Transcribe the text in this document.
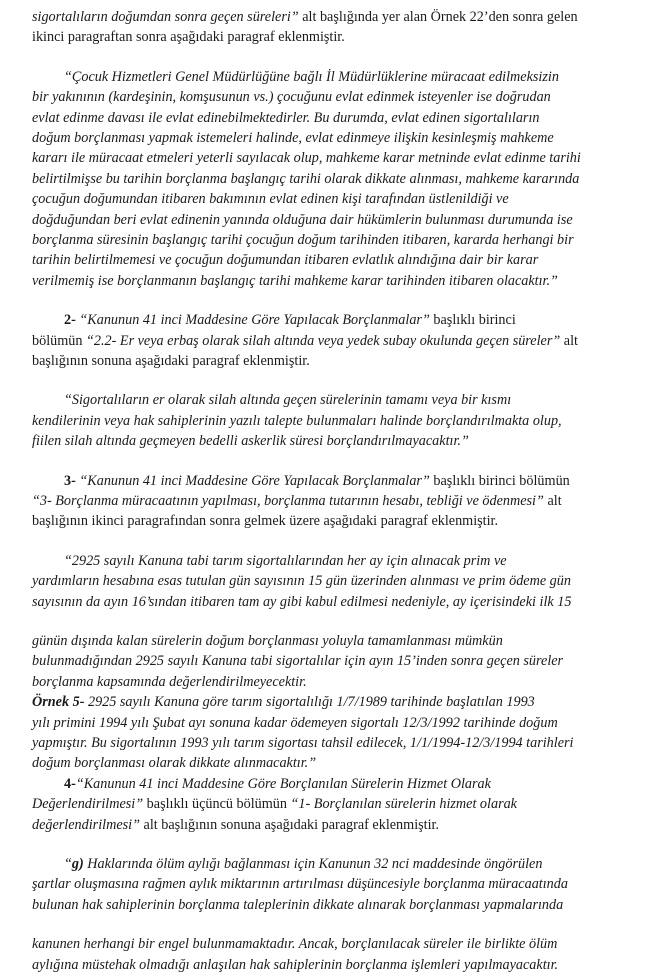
sigortalıların doğumdan sonra geçen süreleri” alt başlığında yer alan Örnek 22’den sonra gelen

ikinci paragraftan sonra aşağıdaki paragraf eklenmiştir.

“Çocuk Hizmetleri Genel Müdürlüğüne bağlı İl Müdürlüklerine müracaat edilmeksizin

bir yakınının (kardeşinin, komşusunun vs.) çocuğunu evlat edinmek isteyenler ise doğrudan

evlat edinme davası ile evlat edinebilmektedirler. Bu durumda, evlat edinen sigortalıların

doğum borçlanması yapmak istemeleri halinde, evlat edinmeye ilişkin kesinleşmiş mahkeme

kararı ile müracaat etmeleri yeterli sayılacak olup, mahkeme karar metninde evlat edinme tarihi

belirtilmişse bu tarihin borçlanma başlangıç tarihi olarak dikkate alınması, mahkeme kararında

çocuğun doğumundan itibaren bakımının evlat edinen kişi tarafından üstlenildiği ve

doğduğundan beri evlat edinenin yanında olduğuna dair hükümlerin bulunması durumunda ise

borçlanma süresinin başlangıç tarihi çocuğun doğum tarihinden itibaren, kararda herhangi bir

tarihin belirtilmemesi ve çocuğun doğumundan itibaren evlatlık alındığına dair bir karar

verilmemiş ise borçlanmanın başlangıç tarihi mahkeme karar tarihinden itibaren olacaktır.”

2- “Kanunun 41 inci Maddesine Göre Yapılacak Borçlanmalar” başlıklı birinci

bölümün “2.2- Er veya erbaş olarak silah altında veya yedek subay okulunda geçen süreler” alt

başlığının sonuna aşağıdaki paragraf eklenmiştir.

“Sigortalıların er olarak silah altında geçen sürelerinin tamamı veya bir kısmı

kendilerinin veya hak sahiplerinin yazılı talepte bulunmaları halinde borçlandırılmakta olup,

fiilen silah altında geçmeyen bedelli askerlik süresi borçlandırılmayacaktır.”

3- “Kanunun 41 inci Maddesine Göre Yapılacak Borçlanmalar” başlıklı birinci bölümün

“3- Borçlanma müracaatının yapılması, borçlanma tutarının hesabı, tebliği ve ödenmesi” alt

başlığının ikinci paragrafından sonra gelmek üzere aşağıdaki paragraf eklenmiştir.

“2925 sayılı Kanuna tabi tarım sigortalılarından her ay için alınacak prim ve

yardımların hesabına esas tutulan gün sayısının 15 gün üzerinden alınması ve prim ödeme gün

sayısının da ayın 16’sından itibaren tam ay gibi kabul edilmesi nedeniyle, ay içerisindeki ilk 15

günün dışında kalan sürelerin doğum borçlanması yoluyla tamamlanması mümkün

bulunmadığından 2925 sayılı Kanuna tabi sigortalılar için ayın 15’inden sonra geçen süreler

borçlanma kapsamında değerlendirilmeyecektir.

Örnek 5- 2925 sayılı Kanuna göre tarım sigortalılığı 1/7/1989 tarihinde başlatılan 1993

yılı primini 1994 yılı Şubat ayı sonuna kadar ödemeyen sigortalı 12/3/1992 tarihinde doğum

yapmıştır. Bu sigortalının 1993 yılı tarım sigortası tahsil edilecek, 1/1/1994-12/3/1994 tarihleri

doğum borçlanması olarak dikkate alınmacaktır.”

4-“Kanunun 41 inci Maddesine Göre Borçlanılan Sürelerin Hizmet Olarak

Değerlendirilmesi” başlıklı üçüncü bölümün “1- Borçlanılan sürelerin hizmet olarak

değerlendirilmesi” alt başlığının sonuna aşağıdaki paragraf eklenmiştir.

“g) Haklarında ölüm aylığı bağlanması için Kanunun 32 nci maddesinde öngörülen

şartlar oluşmasına rağmen aylık miktarının artırılması düşüncesiyle borçlanma müracaatında

bulunan hak sahiplerinin borçlanma taleplerinin dikkate alınarak borçlanması yapmalarında

kanunen herhangi bir engel bulunmamaktadır. Ancak, borçlanılacak süreler ile birlikte ölüm

aylığına müstehak olmadığı anlaşılan hak sahiplerinin borçlanma işlemleri yapılmayacaktır.
